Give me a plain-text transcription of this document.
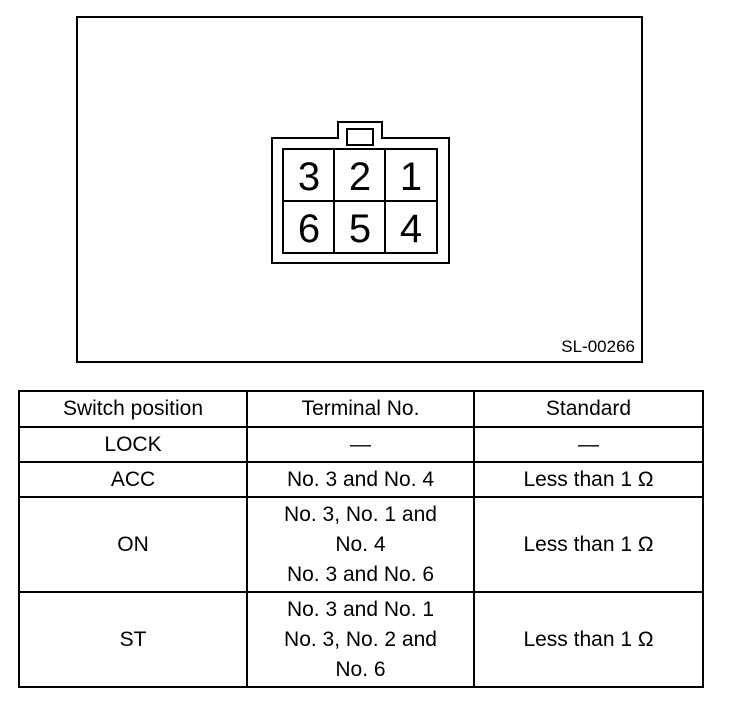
3 2 1
6 5 4
SL-00266
Switch position	Terminal No.	Standard
LOCK	—	—
ACC	No. 3 and No. 4	Less than 1 Ω
ON	No. 3, No. 1 and
No. 4
No. 3 and No. 6	Less than 1 Ω
ST	No. 3 and No. 1
No. 3, No. 2 and
No. 6	Less than 1 Ω
